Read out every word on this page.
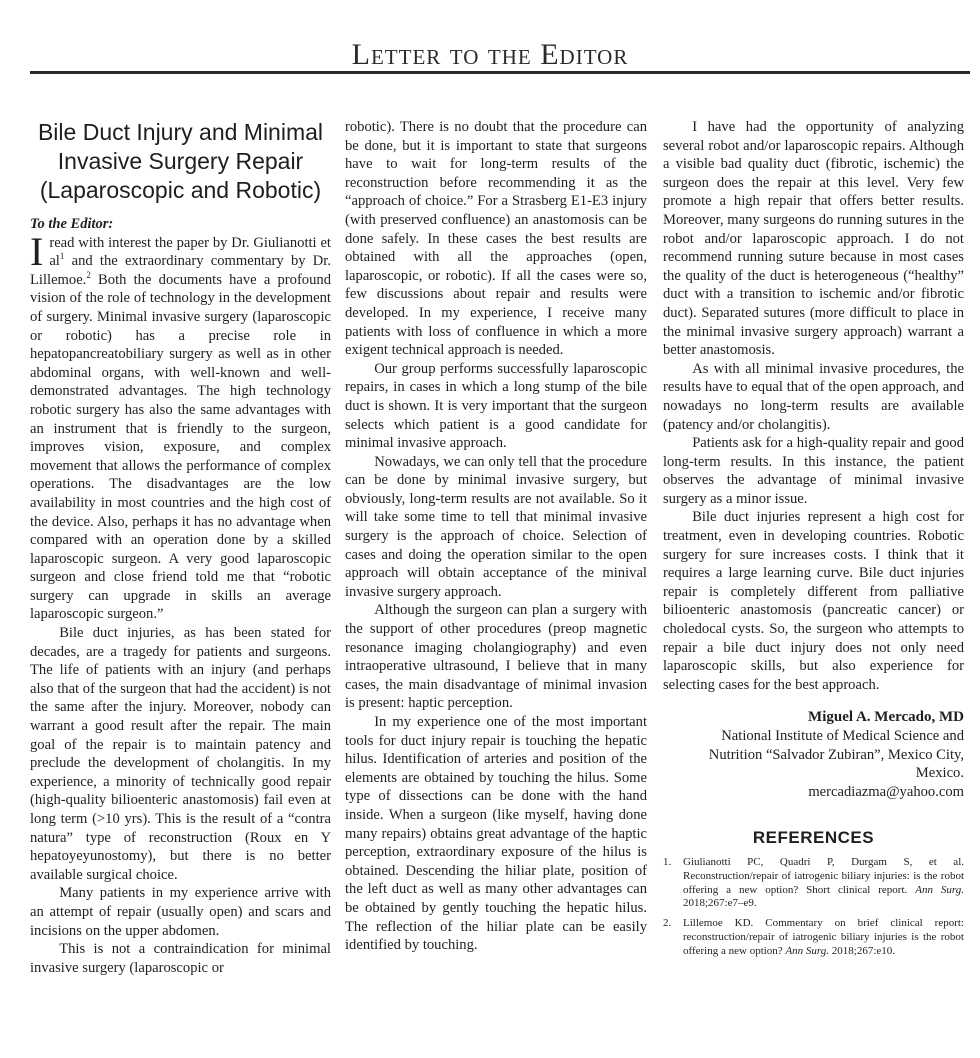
Letter to the Editor
Bile Duct Injury and Minimal Invasive Surgery Repair (Laparoscopic and Robotic)

To the Editor:

Iread with interest the paper by Dr. Giulianotti et $al^1$ and the extraordinary commentary by Dr. Lillemoe.$^2$ Both the documents have a profound vision of the role of technology in the development of surgery. Minimal invasive surgery (laparoscopic or robotic) has a precise role in hepatopancreatobiliary surgery as well as in other abdominal organs, with well-known and well-demonstrated advantages. The high technology robotic surgery has also the same advantages with an instrument that is friendly to the surgeon, improves vision, exposure, and complex movement that allows the performance of complex operations. The disadvantages are the low availability in most countries and the high cost of the device. Also, perhaps it has no advantage when compared with an operation done by a skilled laparoscopic surgeon. A very good laparoscopic surgeon and close friend told me that “robotic surgery can upgrade in skills an average laparoscopic surgeon.”

Bile duct injuries, as has been stated for decades, are a tragedy for patients and surgeons. The life of patients with an injury (and perhaps also that of the surgeon that had the accident) is not the same after the injury. Moreover, nobody can warrant a good result after the repair. The main goal of the repair is to maintain patency and preclude the development of cholangitis. In my experience, a minority of technically good repair (high-quality bilioenteric anastomosis) fail even at long term (>10 yrs). This is the result of a “contra natura” type of reconstruction (Roux en Y hepatoyeyunostomy), but there is no better available surgical choice.

Many patients in my experience arrive with an attempt of repair (usually open) and scars and incisions on the upper abdomen.

This is not a contraindication for minimal invasive surgery (laparoscopic or

robotic). There is no doubt that the procedure can be done, but it is important to state that surgeons have to wait for long-term results of the reconstruction before recommending it as the “approach of choice.” For a Strasberg E1-E3 injury (with preserved confluence) an anastomosis can be done safely. In these cases the best results are obtained with all the approaches (open, laparoscopic, or robotic). If all the cases were so, few discussions about repair and results were developed. In my experience, I receive many patients with loss of confluence in which a more exigent technical approach is needed.

Our group performs successfully laparoscopic repairs, in cases in which a long stump of the bile duct is shown. It is very important that the surgeon selects which patient is a good candidate for minimal invasive approach.

Nowadays, we can only tell that the procedure can be done by minimal invasive surgery, but obviously, long-term results are not available. So it will take some time to tell that minimal invasive surgery is the approach of choice. Selection of cases and doing the operation similar to the open approach will obtain acceptance of the minival invasive surgery approach.

Although the surgeon can plan a surgery with the support of other procedures (preop magnetic resonance imaging cholangiography) and even intraoperative ultrasound, I believe that in many cases, the main disadvantage of minimal invasion is present: haptic perception.

In my experience one of the most important tools for duct injury repair is touching the hepatic hilus. Identification of arteries and position of the elements are obtained by touching the hilus. Some type of dissections can be done with the hand inside. When a surgeon (like myself, having done many repairs) obtains great advantage of the haptic perception, extraordinary exposure of the hilus is obtained. Descending the hiliar plate, position of the left duct as well as many other advantages can be obtained by gently touching the hepatic hilus. The reflection of the hiliar plate can be easily identified by touching.

I have had the opportunity of analyzing several robot and/or laparoscopic repairs. Although a visible bad quality duct (fibrotic, ischemic) the surgeon does the repair at this level. Very few promote a high repair that offers better results. Moreover, many surgeons do running sutures in the robot and/or laparoscopic approach. I do not recommend running suture because in most cases the quality of the duct is heterogeneous (“healthy” duct with a transition to ischemic and/or fibrotic duct). Separated sutures (more difficult to place in the minimal invasive surgery approach) warrant a better anastomosis.

As with all minimal invasive procedures, the results have to equal that of the open approach, and nowadays no long-term results are available (patency and/or cholangitis).

Patients ask for a high-quality repair and good long-term results. In this instance, the patient observes the advantage of minimal invasive surgery as a minor issue.

Bile duct injuries represent a high cost for treatment, even in developing countries. Robotic surgery for sure increases costs. I think that it requires a large learning curve. Bile duct injuries repair is completely different from palliative bilioenteric anastomosis (pancreatic cancer) or choledocal cysts. So, the surgeon who attempts to repair a bile duct injury does not only need laparoscopic skills, but also experience for selecting cases for the best approach.

Miguel A. Mercado, MD
National Institute of Medical Science and
Nutrition “Salvador Zubiran”, Mexico City,
Mexico.
mercadiazma@yahoo.com
REFERENCES
1.	Giulianotti PC, Quadri P, Durgam S, et al. Reconstruction/repair of iatrogenic biliary injuries: is the robot offering a new option? Short clinical report. Ann Surg. 2018;267:e7–e9.
2.	Lillemoe KD. Commentary on brief clinical report: reconstruction/repair of iatrogenic biliary injuries is the robot offering a new option? Ann Surg. 2018;267:e10.
